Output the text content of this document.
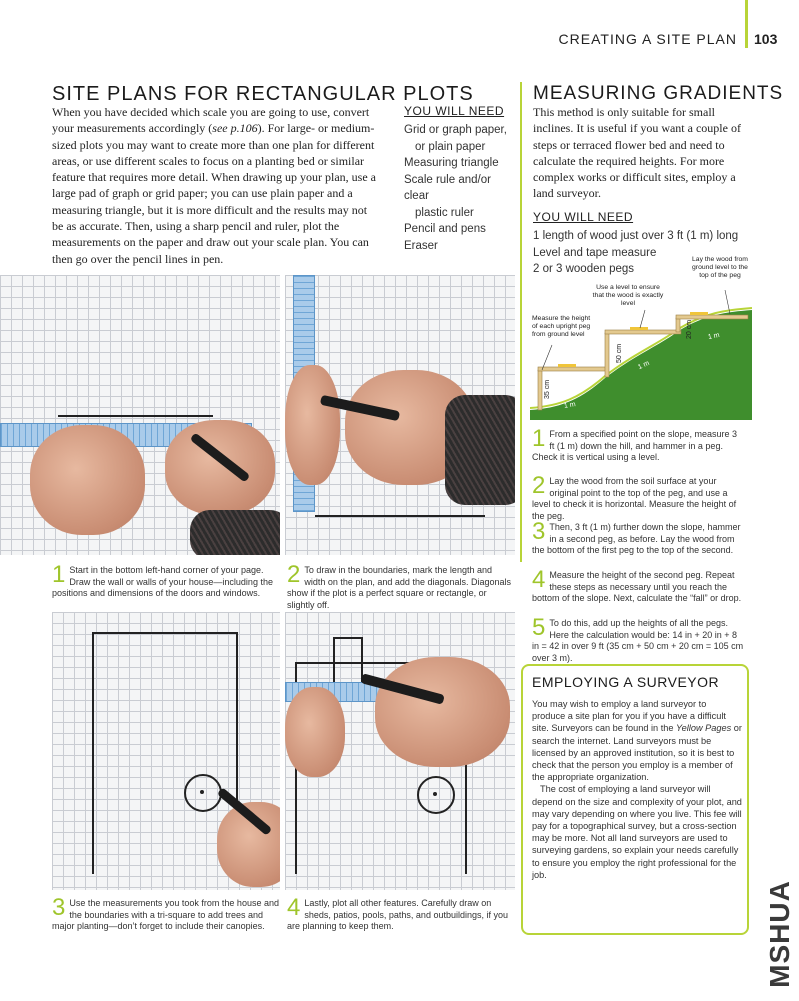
CREATING A SITE PLAN 103
SITE PLANS FOR RECTANGULAR PLOTS
When you have decided which scale you are going to use, convert your measurements accordingly (see p.106). For large- or medium-sized plots you may want to create more than one plan for different areas, or use different scales to focus on a planting bed or similar feature that requires more detail. When drawing up your plan, use a large pad of graph or grid paper; you can use plain paper and a measuring triangle, but it is more difficult and the results may not be as accurate. Then, using a sharp pencil and ruler, plot the measurements on the paper and draw out your scale plan. You can then go over the pencil lines in pen.
YOU WILL NEED
Grid or graph paper,
or plain paper
Measuring triangle
Scale rule and/or clear
plastic ruler
Pencil and pens
Eraser
1 Start in the bottom left-hand corner of your page. Draw the wall or walls of your house—including the positions and dimensions of the doors and windows.
2 To draw in the boundaries, mark the length and width on the plan, and add the diagonals. Diagonals show if the plot is a perfect square or rectangle, or slightly off.
3 Use the measurements you took from the house and the boundaries with a tri-square to add trees and major planting—don’t forget to include their canopies.
4 Lastly, plot all other features. Carefully draw on sheds, patios, pools, paths, and outbuildings, if you are planning to keep them.
MEASURING GRADIENTS
This method is only suitable for small inclines. It is useful if you want a couple of steps or terraced flower bed and need to calculate the required heights. For more complex works or difficult sites, employ a land surveyor.
YOU WILL NEED
1 length of wood just over 3 ft (1 m) long
Level and tape measure
2 or 3 wooden pegs
Measure the height of each upright peg from ground level
Use a level to ensure that the wood is exactly level
Lay the wood from ground level to the top of the peg
1 m
1 m
1 m
35 cm
50 cm
20 cm
1 From a specified point on the slope, measure 3 ft (1 m) down the hill, and hammer in a peg. Check it is vertical using a level.
2 Lay the wood from the soil surface at your original point to the top of the peg, and use a level to check it is horizontal. Measure the height of the peg.
3 Then, 3 ft (1 m) further down the slope, hammer in a second peg, as before. Lay the wood from the bottom of the first peg to the top of the second.
4 Measure the height of the second peg. Repeat these steps as necessary until you reach the bottom of the slope. Next, calculate the “fall” or drop.
5 To do this, add up the heights of all the pegs. Here the calculation would be: 14 in + 20 in + 8 in = 42 in over 9 ft (35 cm + 50 cm + 20 cm = 105 cm over 3 m).
EMPLOYING A SURVEYOR

You may wish to employ a land surveyor to produce a site plan for you if you have a difficult site. Surveyors can be found in the Yellow Pages or search the internet. Land surveyors must be licensed by an approved institution, so it is best to check that the person you employ is a member of the appropriate organization.

The cost of employing a land surveyor will depend on the size and complexity of your plot, and may vary depending on where you live. This fee will pay for a topographical survey, but a cross-section may be more. Not all land surveyors are used to surveying gardens, so explain your needs carefully to ensure you employ the right professional for the job.

MSHUA
